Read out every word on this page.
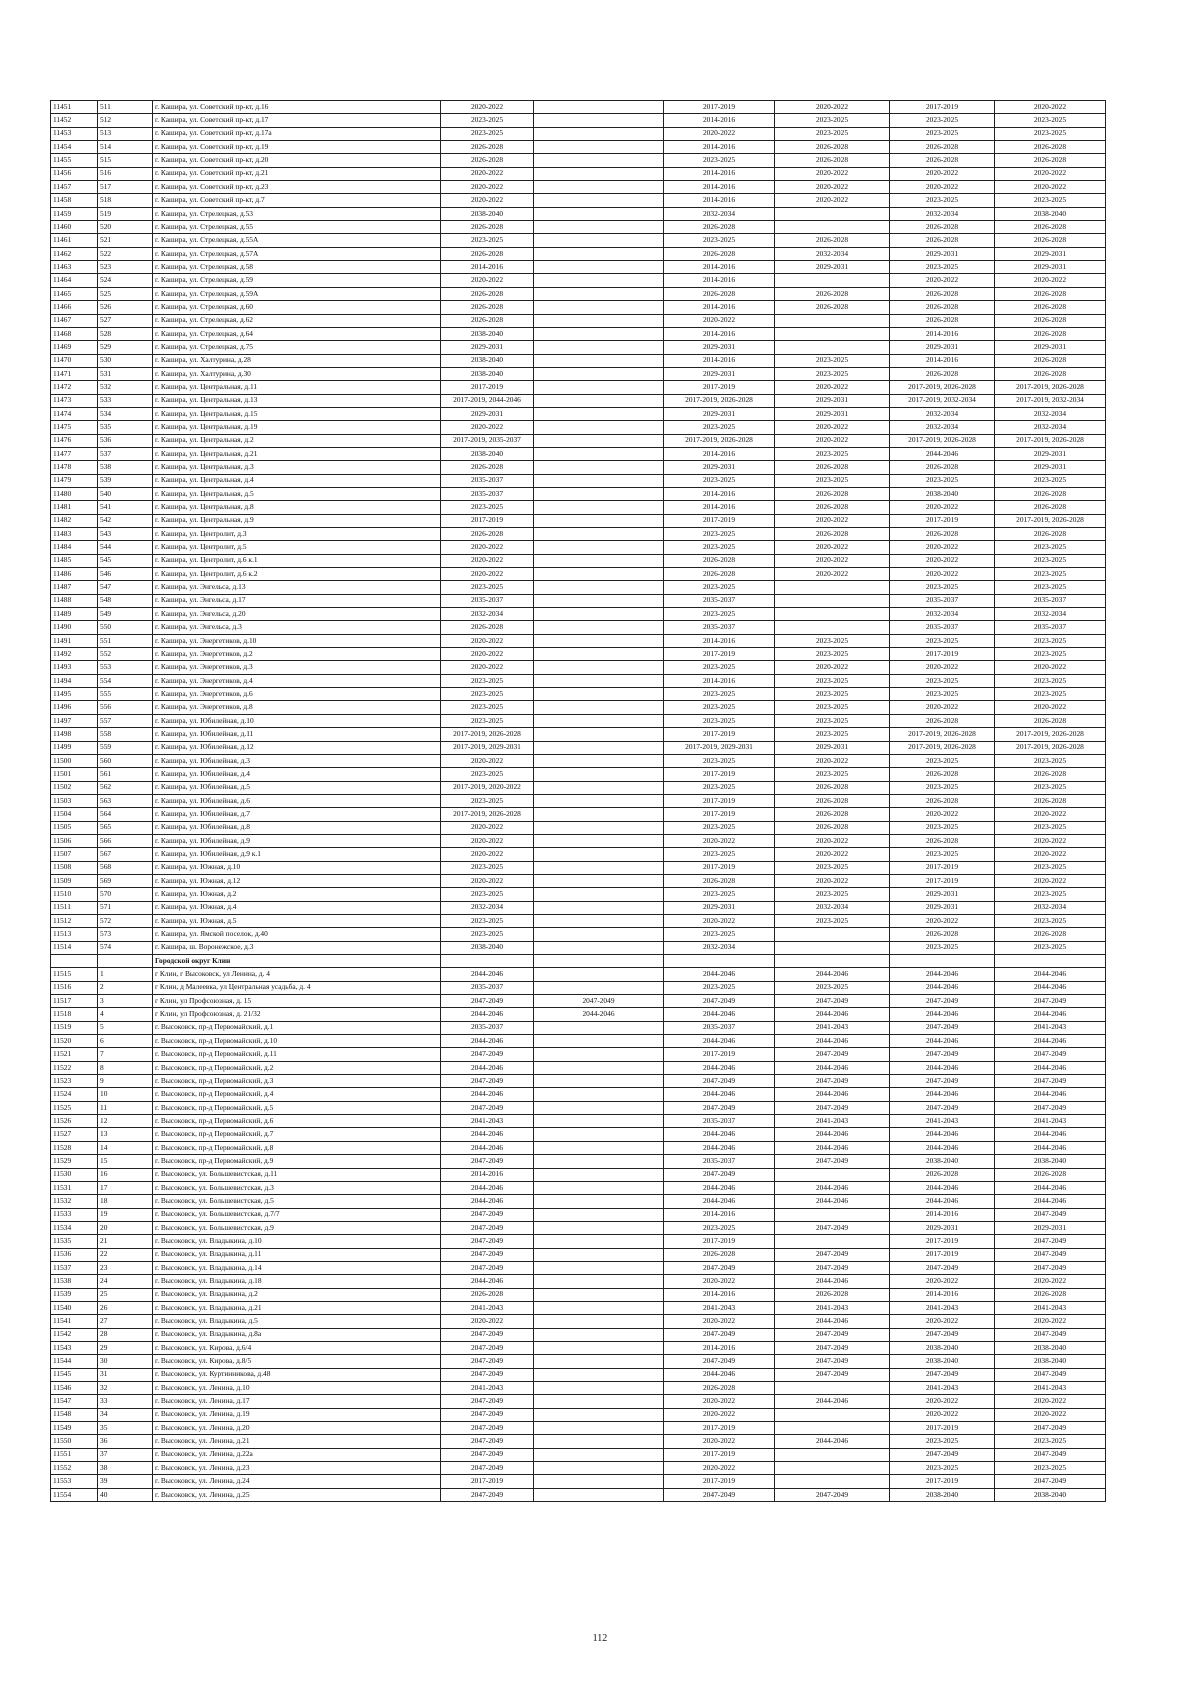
11451	511	г. Кашира, ул. Советский пр-кт, д.16	2020-2022		2017-2019	2020-2022	2017-2019	2020-2022
11452	512	г. Кашира, ул. Советский пр-кт, д.17	2023-2025		2014-2016	2023-2025	2023-2025	2023-2025
11453	513	г. Кашира, ул. Советский пр-кт, д.17а	2023-2025		2020-2022	2023-2025	2023-2025	2023-2025
11454	514	г. Кашира, ул. Советский пр-кт, д.19	2026-2028		2014-2016	2026-2028	2026-2028	2026-2028
11455	515	г. Кашира, ул. Советский пр-кт, д.20	2026-2028		2023-2025	2026-2028	2026-2028	2026-2028
11456	516	г. Кашира, ул. Советский пр-кт, д.21	2020-2022		2014-2016	2020-2022	2020-2022	2020-2022
11457	517	г. Кашира, ул. Советский пр-кт, д.23	2020-2022		2014-2016	2020-2022	2020-2022	2020-2022
11458	518	г. Кашира, ул. Советский пр-кт, д.7	2020-2022		2014-2016	2020-2022	2023-2025	2023-2025
11459	519	г. Кашира, ул. Стрелецкая, д.53	2038-2040		2032-2034		2032-2034	2038-2040
11460	520	г. Кашира, ул. Стрелецкая, д.55	2026-2028		2026-2028		2026-2028	2026-2028
11461	521	г. Кашира, ул. Стрелецкая, д.55А	2023-2025		2023-2025	2026-2028	2026-2028	2026-2028
11462	522	г. Кашира, ул. Стрелецкая, д.57А	2026-2028		2026-2028	2032-2034	2029-2031	2029-2031
11463	523	г. Кашира, ул. Стрелецкая, д.58	2014-2016		2014-2016	2029-2031	2023-2025	2029-2031
11464	524	г. Кашира, ул. Стрелецкая, д.59	2020-2022		2014-2016		2020-2022	2020-2022
11465	525	г. Кашира, ул. Стрелецкая, д.59А	2026-2028		2026-2028	2026-2028	2026-2028	2026-2028
11466	526	г. Кашира, ул. Стрелецкая, д.60	2026-2028		2014-2016	2026-2028	2026-2028	2026-2028
11467	527	г. Кашира, ул. Стрелецкая, д.62	2026-2028		2020-2022		2026-2028	2026-2028
11468	528	г. Кашира, ул. Стрелецкая, д.64	2038-2040		2014-2016		2014-2016	2026-2028
11469	529	г. Кашира, ул. Стрелецкая, д.75	2029-2031		2029-2031		2029-2031	2029-2031
11470	530	г. Кашира, ул. Халтурина, д.28	2038-2040		2014-2016	2023-2025	2014-2016	2026-2028
11471	531	г. Кашира, ул. Халтурина, д.30	2038-2040		2029-2031	2023-2025	2026-2028	2026-2028
11472	532	г. Кашира, ул. Центральная, д.11	2017-2019		2017-2019	2020-2022	2017-2019, 2026-2028	2017-2019, 2026-2028
11473	533	г. Кашира, ул. Центральная, д.13	2017-2019, 2044-2046		2017-2019, 2026-2028	2029-2031	2017-2019, 2032-2034	2017-2019, 2032-2034
11474	534	г. Кашира, ул. Центральная, д.15	2029-2031		2029-2031	2029-2031	2032-2034	2032-2034
11475	535	г. Кашира, ул. Центральная, д.19	2020-2022		2023-2025	2020-2022	2032-2034	2032-2034
11476	536	г. Кашира, ул. Центральная, д.2	2017-2019, 2035-2037		2017-2019, 2026-2028	2020-2022	2017-2019, 2026-2028	2017-2019, 2026-2028
11477	537	г. Кашира, ул. Центральная, д.21	2038-2040		2014-2016	2023-2025	2044-2046	2029-2031
11478	538	г. Кашира, ул. Центральная, д.3	2026-2028		2029-2031	2026-2028	2026-2028	2029-2031
11479	539	г. Кашира, ул. Центральная, д.4	2035-2037		2023-2025	2023-2025	2023-2025	2023-2025
11480	540	г. Кашира, ул. Центральная, д.5	2035-2037		2014-2016	2026-2028	2038-2040	2026-2028
11481	541	г. Кашира, ул. Центральная, д.8	2023-2025		2014-2016	2026-2028	2020-2022	2026-2028
11482	542	г. Кашира, ул. Центральная, д.9	2017-2019		2017-2019	2020-2022	2017-2019	2017-2019, 2026-2028
11483	543	г. Кашира, ул. Центролит, д.3	2026-2028		2023-2025	2026-2028	2026-2028	2026-2028
11484	544	г. Кашира, ул. Центролит, д.5	2020-2022		2023-2025	2020-2022	2020-2022	2023-2025
11485	545	г. Кашира, ул. Центролит, д.6 к.1	2020-2022		2026-2028	2020-2022	2020-2022	2023-2025
11486	546	г. Кашира, ул. Центролит, д.6 к.2	2020-2022		2026-2028	2020-2022	2020-2022	2023-2025
11487	547	г. Кашира, ул. Энгельса, д.13	2023-2025		2023-2025		2023-2025	2023-2025
11488	548	г. Кашира, ул. Энгельса, д.17	2035-2037		2035-2037		2035-2037	2035-2037
11489	549	г. Кашира, ул. Энгельса, д.20	2032-2034		2023-2025		2032-2034	2032-2034
11490	550	г. Кашира, ул. Энгельса, д.3	2026-2028		2035-2037		2035-2037	2035-2037
11491	551	г. Кашира, ул. Энергетиков, д.10	2020-2022		2014-2016	2023-2025	2023-2025	2023-2025
11492	552	г. Кашира, ул. Энергетиков, д.2	2020-2022		2017-2019	2023-2025	2017-2019	2023-2025
11493	553	г. Кашира, ул. Энергетиков, д.3	2020-2022		2023-2025	2020-2022	2020-2022	2020-2022
11494	554	г. Кашира, ул. Энергетиков, д.4	2023-2025		2014-2016	2023-2025	2023-2025	2023-2025
11495	555	г. Кашира, ул. Энергетиков, д.6	2023-2025		2023-2025	2023-2025	2023-2025	2023-2025
11496	556	г. Кашира, ул. Энергетиков, д.8	2023-2025		2023-2025	2023-2025	2020-2022	2020-2022
11497	557	г. Кашира, ул. Юбилейная, д.10	2023-2025		2023-2025	2023-2025	2026-2028	2026-2028
11498	558	г. Кашира, ул. Юбилейная, д.11	2017-2019, 2026-2028		2017-2019	2023-2025	2017-2019, 2026-2028	2017-2019, 2026-2028
11499	559	г. Кашира, ул. Юбилейная, д.12	2017-2019, 2029-2031		2017-2019, 2029-2031	2029-2031	2017-2019, 2026-2028	2017-2019, 2026-2028
11500	560	г. Кашира, ул. Юбилейная, д.3	2020-2022		2023-2025	2020-2022	2023-2025	2023-2025
11501	561	г. Кашира, ул. Юбилейная, д.4	2023-2025		2017-2019	2023-2025	2026-2028	2026-2028
11502	562	г. Кашира, ул. Юбилейная, д.5	2017-2019, 2020-2022		2023-2025	2026-2028	2023-2025	2023-2025
11503	563	г. Кашира, ул. Юбилейная, д.6	2023-2025		2017-2019	2026-2028	2026-2028	2026-2028
11504	564	г. Кашира, ул. Юбилейная, д.7	2017-2019, 2026-2028		2017-2019	2026-2028	2020-2022	2020-2022
11505	565	г. Кашира, ул. Юбилейная, д.8	2020-2022		2023-2025	2026-2028	2023-2025	2023-2025
11506	566	г. Кашира, ул. Юбилейная, д.9	2020-2022		2020-2022	2020-2022	2026-2028	2020-2022
11507	567	г. Кашира, ул. Юбилейная, д.9 к.1	2020-2022		2023-2025	2020-2022	2023-2025	2020-2022
11508	568	г. Кашира, ул. Южная, д.10	2023-2025		2017-2019	2023-2025	2017-2019	2023-2025
11509	569	г. Кашира, ул. Южная, д.12	2020-2022		2026-2028	2020-2022	2017-2019	2020-2022
11510	570	г. Кашира, ул. Южная, д.2	2023-2025		2023-2025	2023-2025	2029-2031	2023-2025
11511	571	г. Кашира, ул. Южная, д.4	2032-2034		2029-2031	2032-2034	2029-2031	2032-2034
11512	572	г. Кашира, ул. Южная, д.5	2023-2025		2020-2022	2023-2025	2020-2022	2023-2025
11513	573	г. Кашира, ул. Ямской поселок, д.40	2023-2025		2023-2025		2026-2028	2026-2028
11514	574	г. Кашира, ш. Воронежское, д.3	2038-2040		2032-2034		2023-2025	2023-2025
		Городской округ Клин						
11515	1	г Клин, г Высоковск, ул Ленина, д. 4	2044-2046		2044-2046	2044-2046	2044-2046	2044-2046
11516	2	г Клин, д Малеевка, ул Центральная усадьба, д. 4	2035-2037		2023-2025	2023-2025	2044-2046	2044-2046
11517	3	г Клин, ул Профсоюзная, д. 15	2047-2049	2047-2049	2047-2049	2047-2049	2047-2049	2047-2049
11518	4	г Клин, ул Профсоюзная, д. 21/32	2044-2046	2044-2046	2044-2046	2044-2046	2044-2046	2044-2046
11519	5	г. Высоковск, пр-д Первомайский, д.1	2035-2037		2035-2037	2041-2043	2047-2049	2041-2043
11520	6	г. Высоковск, пр-д Первомайский, д.10	2044-2046		2044-2046	2044-2046	2044-2046	2044-2046
11521	7	г. Высоковск, пр-д Первомайский, д.11	2047-2049		2017-2019	2047-2049	2047-2049	2047-2049
11522	8	г. Высоковск, пр-д Первомайский, д.2	2044-2046		2044-2046	2044-2046	2044-2046	2044-2046
11523	9	г. Высоковск, пр-д Первомайский, д.3	2047-2049		2047-2049	2047-2049	2047-2049	2047-2049
11524	10	г. Высоковск, пр-д Первомайский, д.4	2044-2046		2044-2046	2044-2046	2044-2046	2044-2046
11525	11	г. Высоковск, пр-д Первомайский, д.5	2047-2049		2047-2049	2047-2049	2047-2049	2047-2049
11526	12	г. Высоковск, пр-д Первомайский, д.6	2041-2043		2035-2037	2041-2043	2041-2043	2041-2043
11527	13	г. Высоковск, пр-д Первомайский, д.7	2044-2046		2044-2046	2044-2046	2044-2046	2044-2046
11528	14	г. Высоковск, пр-д Первомайский, д.8	2044-2046		2044-2046	2044-2046	2044-2046	2044-2046
11529	15	г. Высоковск, пр-д Первомайский, д.9	2047-2049		2035-2037	2047-2049	2038-2040	2038-2040
11530	16	г. Высоковск, ул. Большевистская, д.11	2014-2016		2047-2049		2026-2028	2026-2028
11531	17	г. Высоковск, ул. Большевистская, д.3	2044-2046		2044-2046	2044-2046	2044-2046	2044-2046
11532	18	г. Высоковск, ул. Большевистская, д.5	2044-2046		2044-2046	2044-2046	2044-2046	2044-2046
11533	19	г. Высоковск, ул. Большевистская, д.7/7	2047-2049		2014-2016		2014-2016	2047-2049
11534	20	г. Высоковск, ул. Большевистская, д.9	2047-2049		2023-2025	2047-2049	2029-2031	2029-2031
11535	21	г. Высоковск, ул. Владыкина, д.10	2047-2049		2017-2019		2017-2019	2047-2049
11536	22	г. Высоковск, ул. Владыкина, д.11	2047-2049		2026-2028	2047-2049	2017-2019	2047-2049
11537	23	г. Высоковск, ул. Владыкина, д.14	2047-2049		2047-2049	2047-2049	2047-2049	2047-2049
11538	24	г. Высоковск, ул. Владыкина, д.18	2044-2046		2020-2022	2044-2046	2020-2022	2020-2022
11539	25	г. Высоковск, ул. Владыкина, д.2	2026-2028		2014-2016	2026-2028	2014-2016	2026-2028
11540	26	г. Высоковск, ул. Владыкина, д.21	2041-2043		2041-2043	2041-2043	2041-2043	2041-2043
11541	27	г. Высоковск, ул. Владыкина, д.5	2020-2022		2020-2022	2044-2046	2020-2022	2020-2022
11542	28	г. Высоковск, ул. Владыкина, д.8а	2047-2049		2047-2049	2047-2049	2047-2049	2047-2049
11543	29	г. Высоковск, ул. Кирова, д.6/4	2047-2049		2014-2016	2047-2049	2038-2040	2038-2040
11544	30	г. Высоковск, ул. Кирова, д.8/5	2047-2049		2047-2049	2047-2049	2038-2040	2038-2040
11545	31	г. Высоковск, ул. Куртинникова, д.48	2047-2049		2044-2046	2047-2049	2047-2049	2047-2049
11546	32	г. Высоковск, ул. Ленина, д.10	2041-2043		2026-2028		2041-2043	2041-2043
11547	33	г. Высоковск, ул. Ленина, д.17	2047-2049		2020-2022	2044-2046	2020-2022	2020-2022
11548	34	г. Высоковск, ул. Ленина, д.19	2047-2049		2020-2022		2020-2022	2020-2022
11549	35	г. Высоковск, ул. Ленина, д.20	2047-2049		2017-2019		2017-2019	2047-2049
11550	36	г. Высоковск, ул. Ленина, д.21	2047-2049		2020-2022	2044-2046	2023-2025	2023-2025
11551	37	г. Высоковск, ул. Ленина, д.22а	2047-2049		2017-2019		2047-2049	2047-2049
11552	38	г. Высоковск, ул. Ленина, д.23	2047-2049		2020-2022		2023-2025	2023-2025
11553	39	г. Высоковск, ул. Ленина, д.24	2017-2019		2017-2019		2017-2019	2047-2049
11554	40	г. Высоковск, ул. Ленина, д.25	2047-2049		2047-2049	2047-2049	2038-2040	2038-2040
112
